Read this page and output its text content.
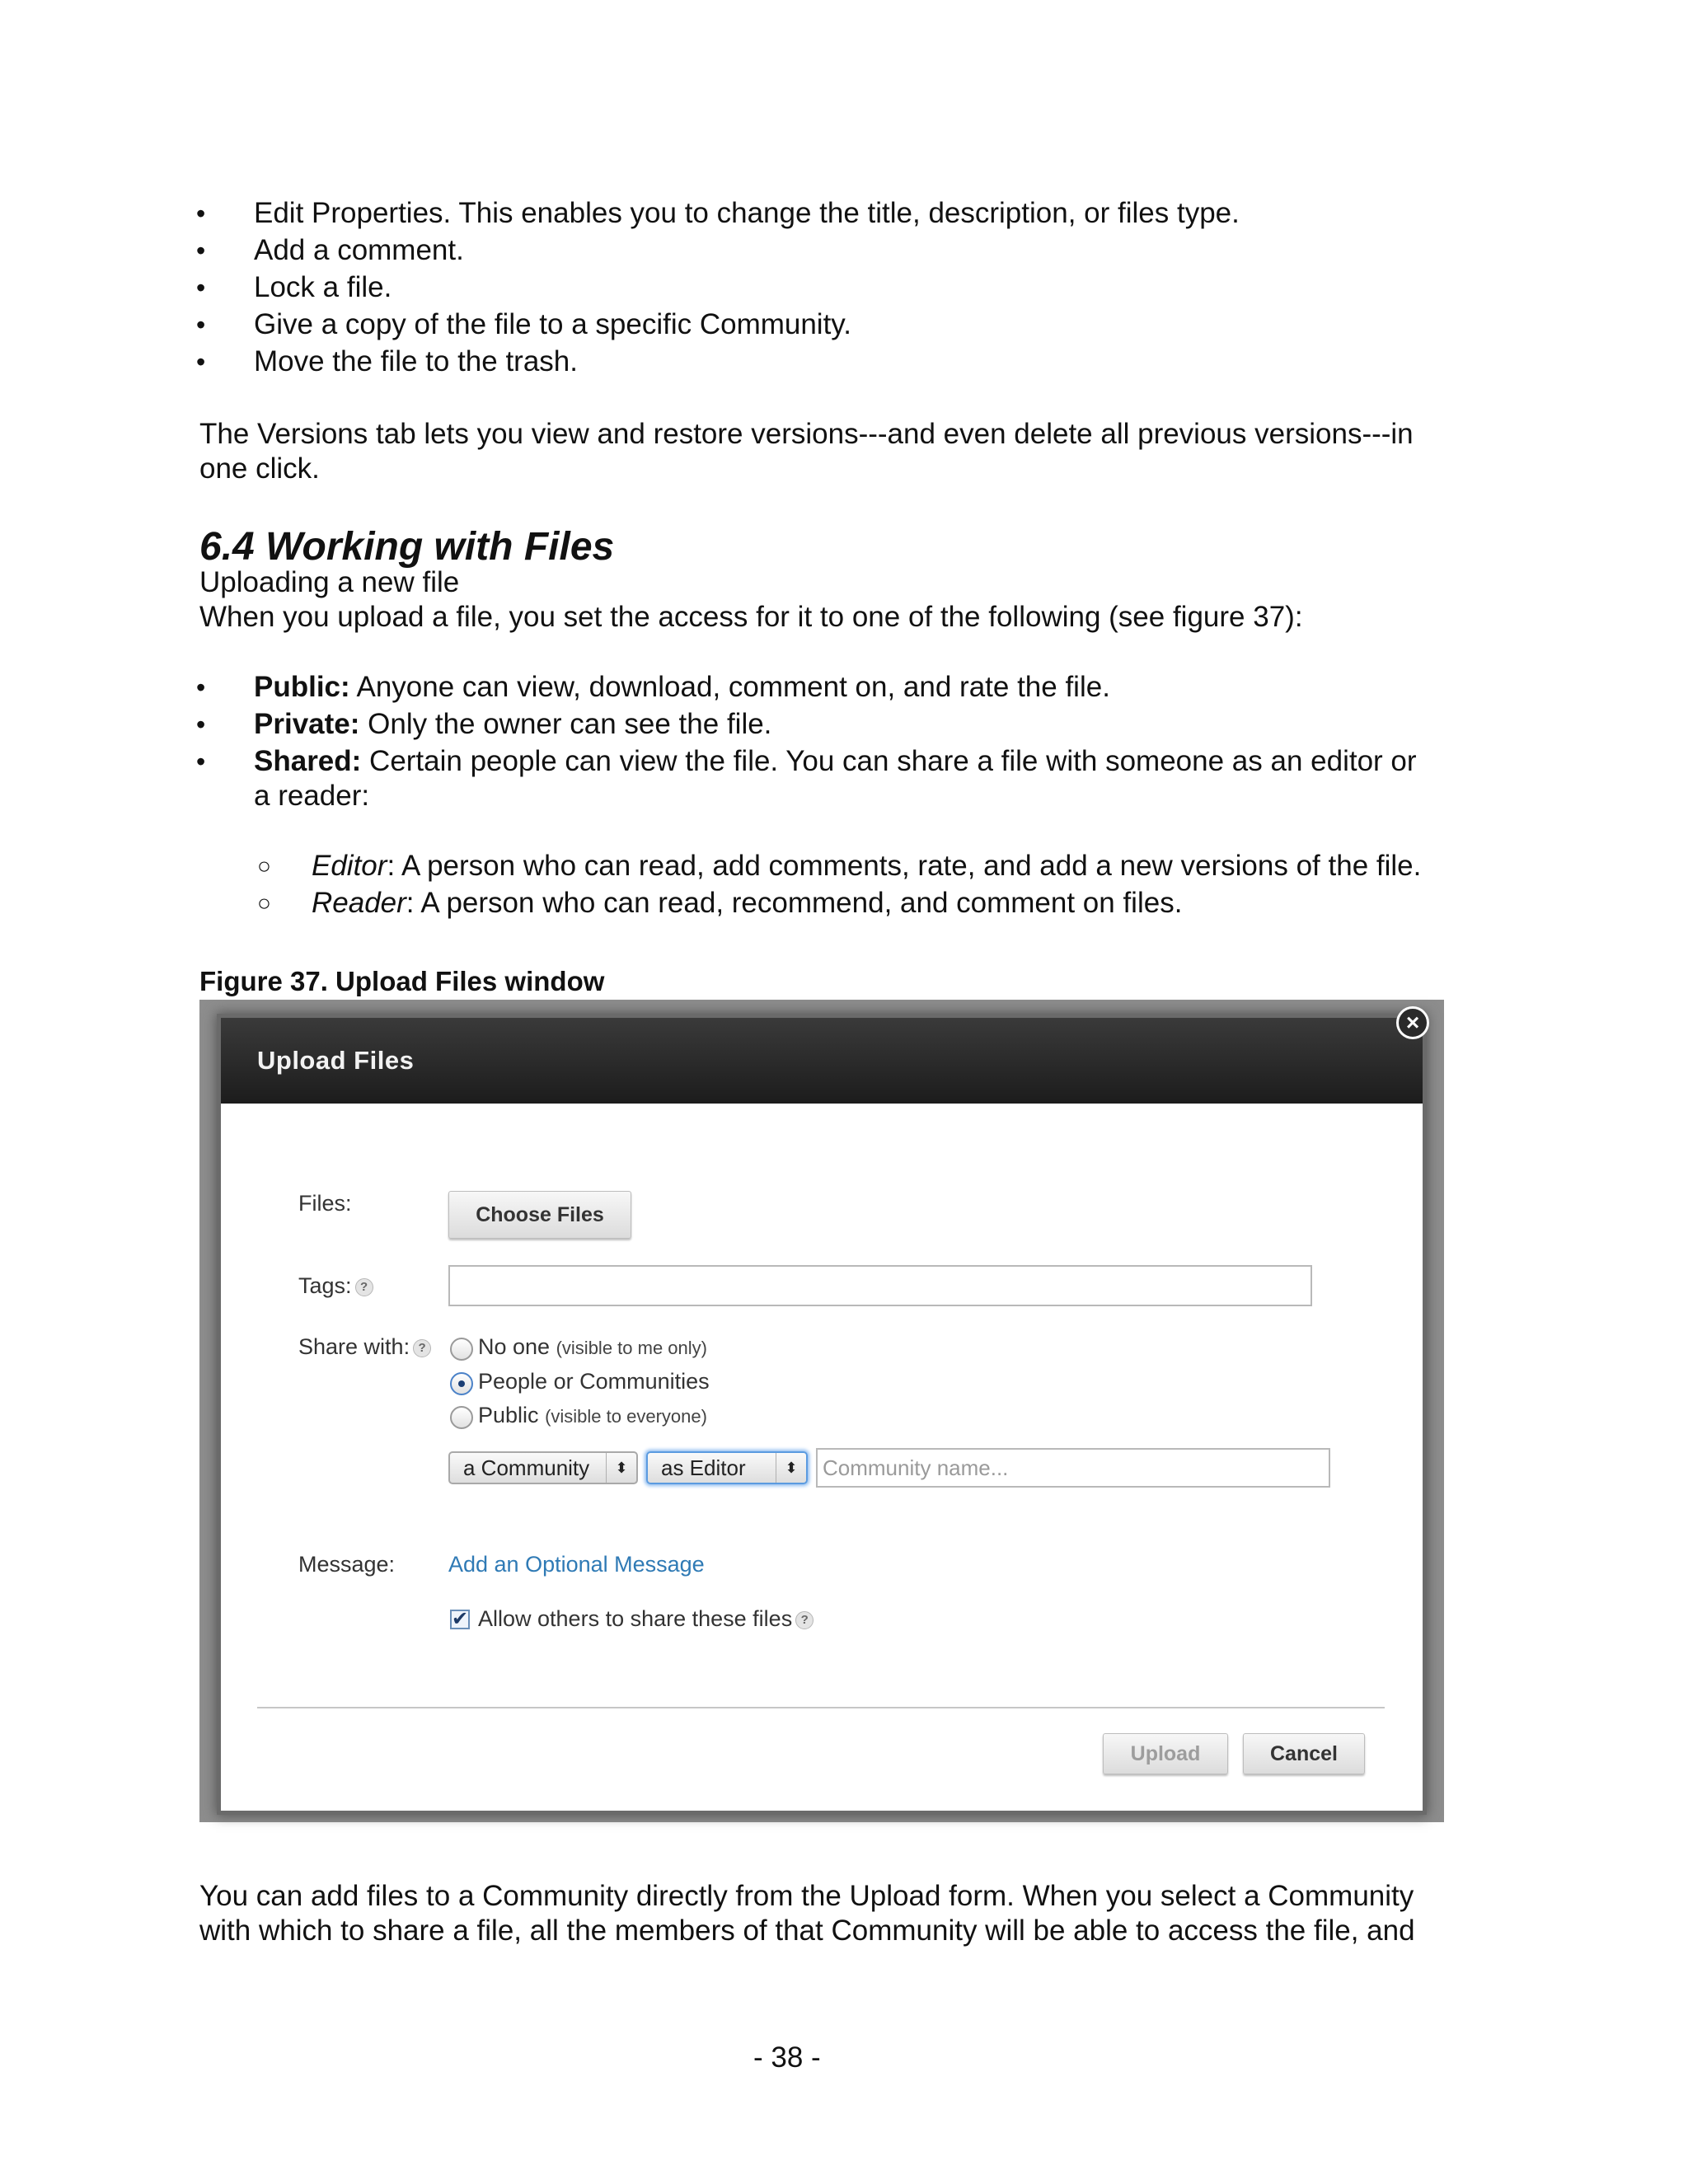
• Edit Properties. This enables you to change the title, description, or files type.
• Add a comment.
• Lock a file.
• Give a copy of the file to a specific Community.
• Move the file to the trash.
The Versions tab lets you view and restore versions---and even delete all previous versions---in
one click.
6.4 Working with Files
Uploading a new file
When you upload a file, you set the access for it to one of the following (see figure 37):
• Public: Anyone can view, download, comment on, and rate the file.
• Private: Only the owner can see the file.
• Shared: Certain people can view the file. You can share a file with someone as an editor or
a reader:
○ Editor: A person who can read, add comments, rate, and add a new versions of the file.
○ Reader: A person who can read, recommend, and comment on files.
Figure 37. Upload Files window
Upload Files
Files:	Choose Files
Tags: ?
Share with: ? No one (visible to me only)
People or Communities
Public (visible to everyone)
a Community	⬍	as Editor	⬍	Community name...
Message: Add an Optional Message
✔ Allow others to share these files ?
Upload	Cancel
×
You can add files to a Community directly from the Upload form. When you select a Community
with which to share a file, all the members of that Community will be able to access the file, and
- 38 -
